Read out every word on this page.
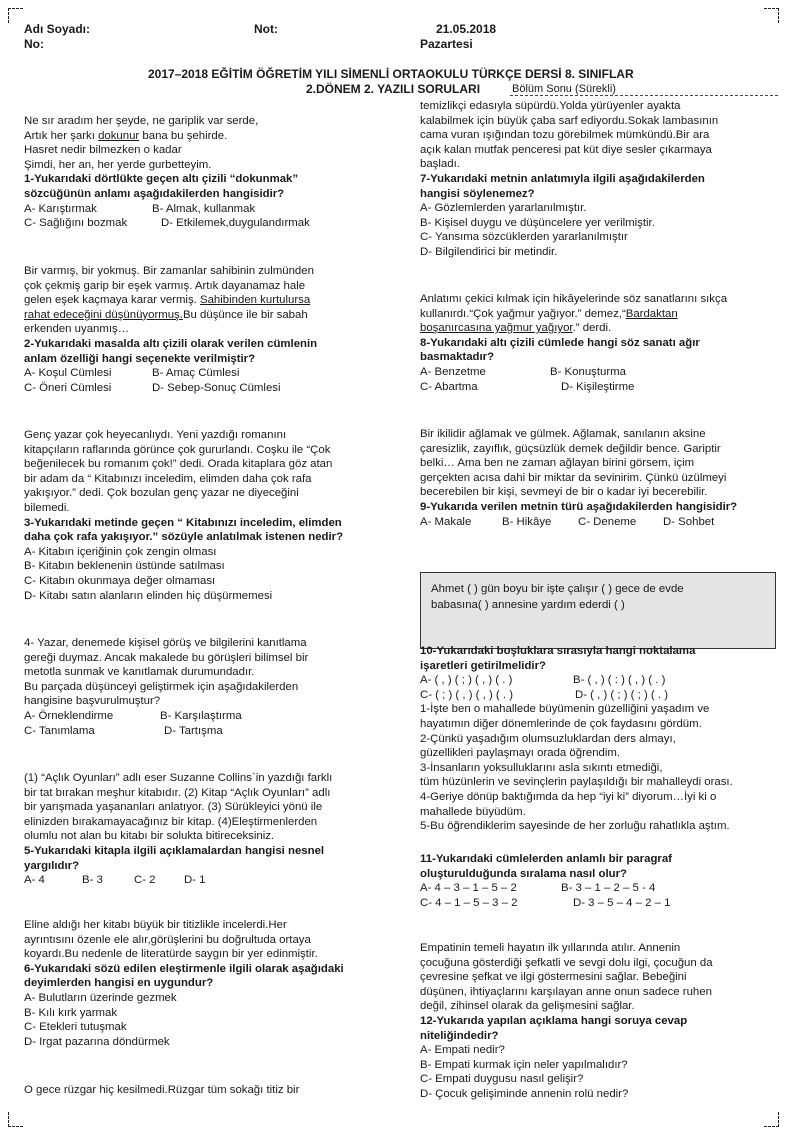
Adı Soyadı:	Not:	21.05.2018
No:	Pazartesi
2017–2018 EĞİTİM ÖĞRETİM YILI SİMENLİ ORTAOKULU TÜRKÇE DERSİ 8. SINIFLAR
2.DÖNEM 2. YAZILI SORULARI	Bölüm Sonu (Sürekli)
Ne sır aradım her şeyde, ne gariplik var serde,
Artık her şarkı dokunur bana bu şehirde.
Hasret nedir bilmezken o kadar
Şimdi, her an, her yerde gurbetteyim.
1-Yukarıdaki dörtlükte geçen altı çizili “dokunmak”
sözcüğünün anlamı aşağıdakilerden hangisidir?
A- Karıştırmak	B- Almak, kullanmak
C- Sağlığını bozmak	D- Etkilemek,duygulandırmak
Bir varmış, bir yokmuş. Bir zamanlar sahibinin zulmünden
çok çekmiş garip bir eşek varmış. Artık dayanamaz hale
gelen eşek kaçmaya karar vermiş. Sahibinden kurtulursa
rahat edeceğini düşünüyormuş.Bu düşünce ile bir sabah
erkenden uyanmış…
2-Yukarıdaki masalda altı çizili olarak verilen cümlenin
anlam özelliği hangi seçenekte verilmiştir?
A- Koşul Cümlesi	B- Amaç Cümlesi
C- Öneri Cümlesi	D- Sebep-Sonuç Cümlesi
Genç yazar çok heyecanlıydı. Yeni yazdığı romanını
kitapçıların raflarında görünce çok gururlandı. Coşku ile “Çok
beğenilecek bu romanım çok!” dedi. Orada kitaplara göz atan
bir adam da “ Kitabınızı inceledim, elimden daha çok rafa
yakışıyor.” dedi. Çok bozulan genç yazar ne diyeceğini
bilemedi.
3-Yukarıdaki metinde geçen “ Kitabınızı inceledim, elimden
daha çok rafa yakışıyor.” sözüyle anlatılmak istenen nedir?
A- Kitabın içeriğinin çok zengin olması
B- Kitabın beklenenin üstünde satılması
C- Kitabın okunmaya değer olmaması
D- Kitabı satın alanların elinden hiç düşürmemesi
4- Yazar, denemede kişisel görüş ve bilgilerini kanıtlama
gereği duymaz. Ancak makalede bu görüşleri bilimsel bir
metotla sunmak ve kanıtlamak durumundadır.
Bu parçada düşünceyi geliştirmek için aşağıdakilerden
hangisine başvurulmuştur?
A- Örneklendirme	B- Karşılaştırma
C- Tanımlama	D- Tartışma
(1) “Açlık Oyunları” adlı eser Suzanne Collins`in yazdığı farklı
bir tat bırakan meşhur kitabıdır. (2) Kitap “Açlık Oyunları” adlı
bir yarışmada yaşananları anlatıyor. (3) Sürükleyici yönü ile
elinizden bırakamayacağınız bir kitap. (4)Eleştirmenlerden
olumlu not alan bu kitabı bir solukta bitireceksiniz.
5-Yukarıdaki kitapla ilgili açıklamalardan hangisi nesnel
yargılıdır?
A- 4	B- 3	C- 2 D- 1
Eline aldığı her kitabı büyük bir titizlikle incelerdi.Her
ayrıntısını özenle ele alır,görüşlerini bu doğrultuda ortaya
koyardı.Bu nedenle de literatürde saygın bir yer edinmiştir.
6-Yukarıdaki sözü edilen eleştirmenle ilgili olarak aşağıdaki
deyimlerden hangisi en uygundur?
A- Bulutların üzerinde gezmek
B- Kılı kırk yarmak
C- Etekleri tutuşmak
D- Irgat pazarına döndürmek
O gece rüzgar hiç kesilmedi.Rüzgar tüm sokağı titiz bir
temizlikçi edasıyla süpürdü.Yolda yürüyenler ayakta
kalabilmek için büyük çaba sarf ediyordu.Sokak lambasının
cama vuran ışığından tozu görebilmek mümkündü.Bir ara
açık kalan mutfak penceresi pat küt diye sesler çıkarmaya
başladı.
7-Yukarıdaki metnin anlatımıyla ilgili aşağıdakilerden
hangisi söylenemez?
A- Gözlemlerden yararlanılmıştır.
B- Kişisel duygu ve düşüncelere yer verilmiştir.
C- Yansıma sözcüklerden yararlanılmıştır
D- Bilgilendirici bir metindir.
Anlatımı çekici kılmak için hikâyelerinde söz sanatlarını sıkça
kullanırdı.“Çok yağmur yağıyor.” demez,“Bardaktan
boşanırcasına yağmur yağıyor.” derdi.
8-Yukarıdaki altı çizili cümlede hangi söz sanatı ağır
basmaktadır?
A- Benzetme	B- Konuşturma
C- Abartma	D- Kişileştirme
Bir ikilidir ağlamak ve gülmek. Ağlamak, sanılanın aksine
çaresizlik, zayıflık, güçsüzlük demek değildir bence. Gariptir
belki… Ama ben ne zaman ağlayan birini görsem, içim
gerçekten acısa dahi bir miktar da sevinirim. Çünkü üzülmeyi
becerebilen bir kişi, sevmeyi de bir o kadar iyi becerebilir.
9-Yukarıda verilen metnin türü aşağıdakilerden hangisidir?
A- Makale	B- Hikâye C- Deneme D- Sohbet
Ahmet ( ) gün boyu bir işte çalışır ( ) gece de evde
babasına( ) annesine yardım ederdi ( )
10-Yukarıdaki boşluklara sırasıyla hangi noktalama
işaretleri getirilmelidir?
A- ( , ) ( ; ) ( , ) ( . )	B- ( , ) ( : ) ( , ) ( . )
C- ( ; ) ( , ) ( , ) ( . )	D- ( , ) ( ; ) ( ; ) ( . )
1-İşte ben o mahallede büyümenin güzelliğini yaşadım ve
hayatımın diğer dönemlerinde de çok faydasını gördüm.
2-Çünkü yaşadığım olumsuzluklardan ders almayı,
güzellikleri paylaşmayı orada öğrendim.
3-İnsanların yoksulluklarını asla sıkıntı etmediği,
tüm hüzünlerin ve sevinçlerin paylaşıldığı bir mahalleydi orası.
4-Geriye dönüp baktığımda da hep “iyi ki” diyorum…İyi ki o
mahallede büyüdüm.
5-Bu öğrendiklerim sayesinde de her zorluğu rahatlıkla aştım.
11-Yukarıdaki cümlelerden anlamlı bir paragraf
oluşturulduğunda sıralama nasıl olur?
A- 4 – 3 – 1 – 5 – 2	B- 3 – 1 – 2 – 5 - 4
C- 4 – 1 – 5 – 3 – 2	D- 3 – 5 – 4 – 2 – 1
Empatinin temeli hayatın ilk yıllarında atılır. Annenin
çocuğuna gösterdiği şefkatli ve sevgi dolu ilgi, çocuğun da
çevresine şefkat ve ilgi göstermesini sağlar. Bebeğini
düşünen, ihtiyaçlarını karşılayan anne onun sadece ruhen
değil, zihinsel olarak da gelişmesini sağlar.
12-Yukarıda yapılan açıklama hangi soruya cevap
niteliğindedir?
A- Empati nedir?
B- Empati kurmak için neler yapılmalıdır?
C- Empati duygusu nasıl gelişir?
D- Çocuk gelişiminde annenin rolü nedir?
